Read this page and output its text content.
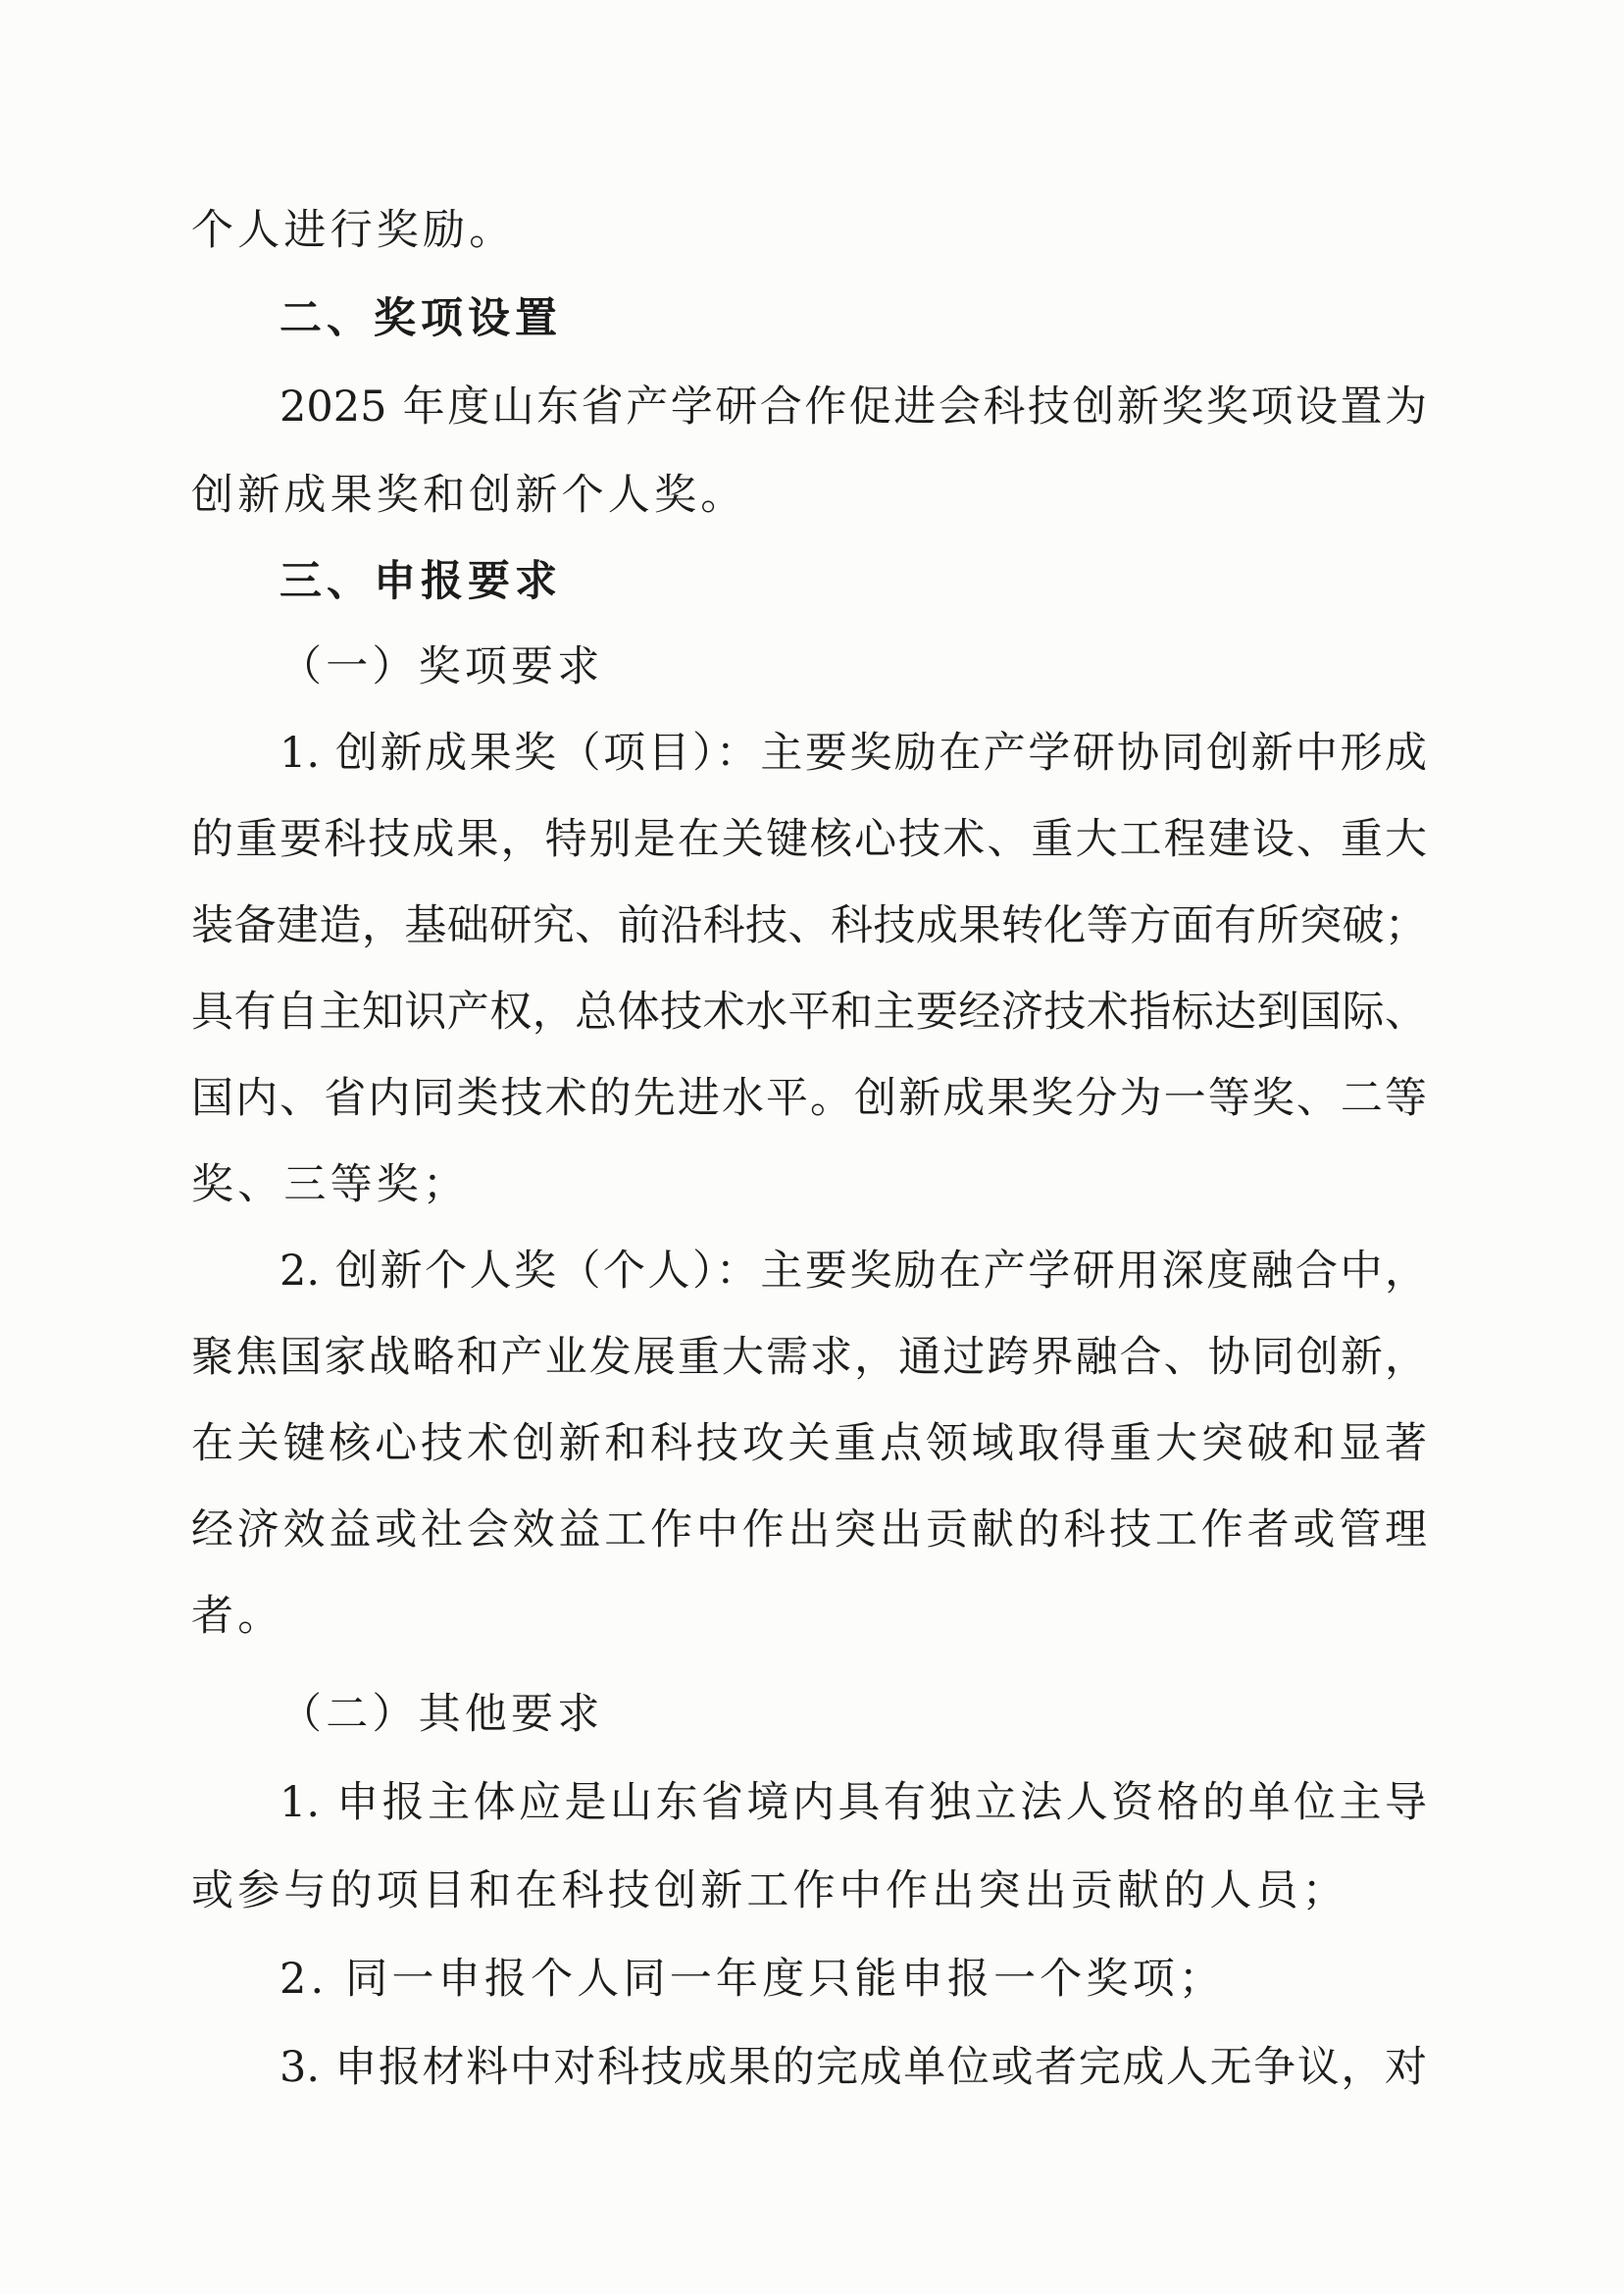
个人进行奖励。
二、奖项设置
2025 年度山东省产学研合作促进会科技创新奖奖项设置为
创新成果奖和创新个人奖。
三、申报要求
（一）奖项要求
1. 创新成果奖（项目）：主要奖励在产学研协同创新中形成
的重要科技成果，特别是在关键核心技术、重大工程建设、重大
装备建造，基础研究、前沿科技、科技成果转化等方面有所突破；
具有自主知识产权，总体技术水平和主要经济技术指标达到国际、
国内、省内同类技术的先进水平。创新成果奖分为一等奖、二等
奖、三等奖；
2. 创新个人奖（个人）：主要奖励在产学研用深度融合中，
聚焦国家战略和产业发展重大需求，通过跨界融合、协同创新，
在关键核心技术创新和科技攻关重点领域取得重大突破和显著
经济效益或社会效益工作中作出突出贡献的科技工作者或管理
者。
（二）其他要求
1. 申报主体应是山东省境内具有独立法人资格的单位主导
或参与的项目和在科技创新工作中作出突出贡献的人员；
2. 同一申报个人同一年度只能申报一个奖项；
3. 申报材料中对科技成果的完成单位或者完成人无争议，对
